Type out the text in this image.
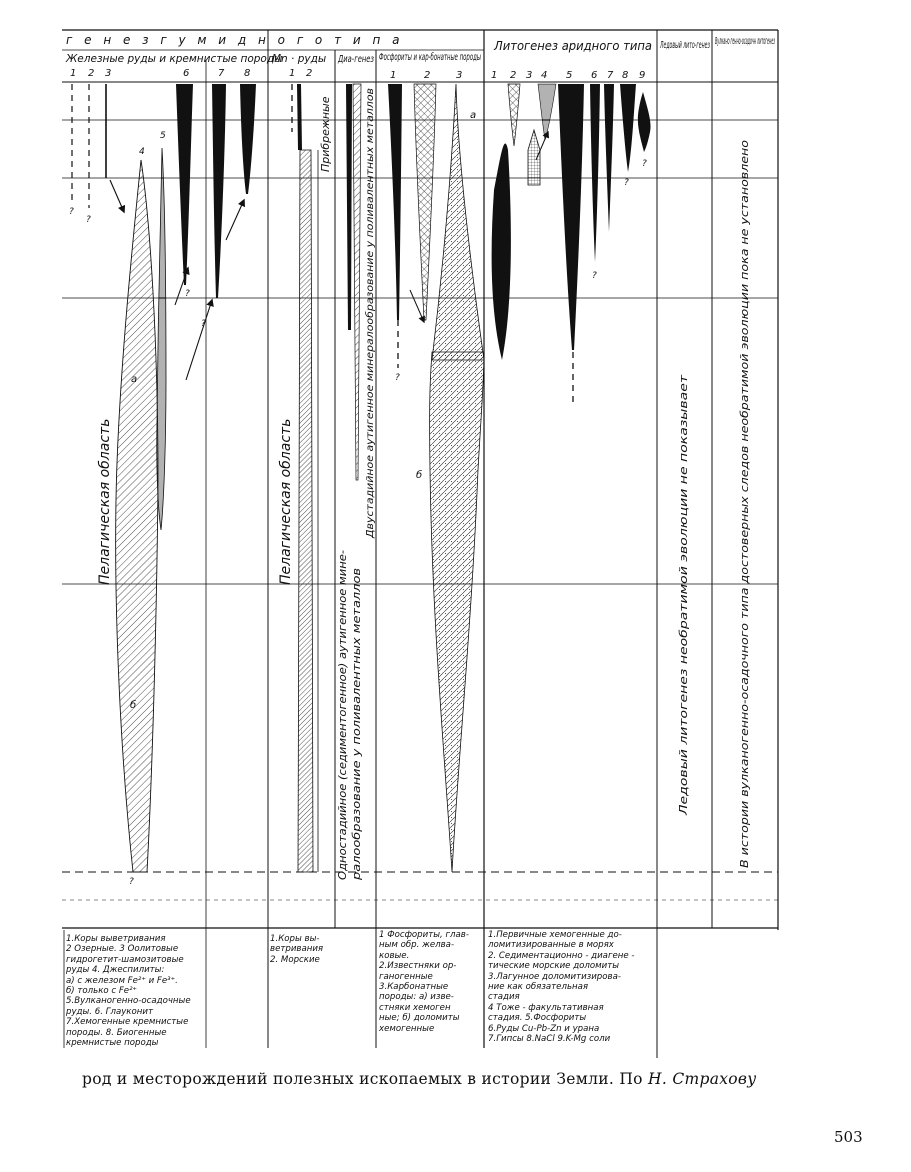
г е н е з г у м и д н о г о т и п а
Железные руды и кремнистые породы
1 2 3	6	7 8
Mn · руды
1 2
Диа-генез Фосфориты и кар-бонатные породы
1	2	3
Литогенез аридного типа
1 2 3 4 5 6 7 8 9
Ледовый лито-генез Вулкано генно-осадочн литогенез
?
?
4
а
б
?
5
?
?
Пелагическая область
Прибрежные
Пелагическая область
Одностадийное (седиментогенное) аутигенное мине- ралообразование у поливалентных металлов
Двустадийное аутигенное минералообразование у поливалентных металлов ?
а
б
?
?
?
Ледовый литогенез необратимой эволюции не показывает	В истории вулканогенно-осадочного типа достоверных следов необратимой эволюции пока не установлено
1.Коры выветривания
2 Озерные. 3 Оолитовые
гидрогетит-шамозитовые
руды 4. Джеспилиты:
а) с железом Fe²⁺ и Fe³⁺.
б) только с Fe²⁺
5.Вулканогенно-осадочные
руды. 6. Глауконит
7.Хемогенные кремнистые
породы. 8. Биогенные
кремнистые породы
1.Коры вы-
ветривания
2. Морские
1 Фосфориты, глав-
ным обр. желва-
ковые.
2.Известняки ор-
ганогенные
3.Карбонатные
породы: а) изве-
стняки хемоген
ные; б) доломиты
хемогенные
1.Первичные хемогенные до-
ломитизированные в морях
2. Седиментационно - диагене -
тические морские доломиты
3.Лагунное доломитизирова-
ние как обязательная
стадия
4 Тоже - факультативная
стадия. 5.Фосфориты
6.Руды Cu-Pb-Zn и урана
7.Гипсы 8.NaCl 9.K-Mg соли
род и месторождений полезных ископаемых в истории Земли. По Н. Страхову
503
